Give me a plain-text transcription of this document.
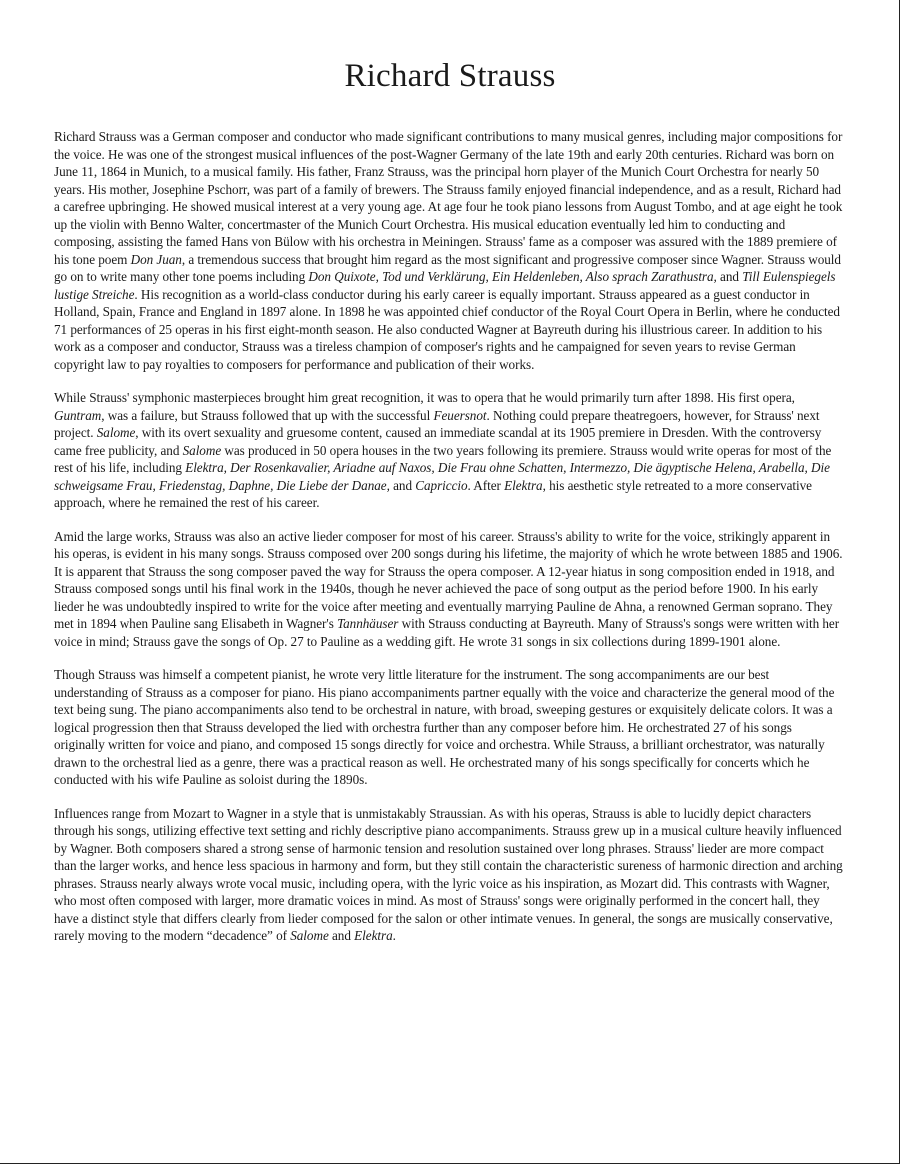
Richard Strauss

Richard Strauss was a German composer and conductor who made significant contributions to many musical genres, including major compositions for the voice. He was one of the strongest musical influences of the post-Wagner Germany of the late 19th and early 20th centuries. Richard was born on June 11, 1864 in Munich, to a musical family. His father, Franz Strauss, was the principal horn player of the Munich Court Orchestra for nearly 50 years. His mother, Josephine Pschorr, was part of a family of brewers. The Strauss family enjoyed financial independence, and as a result, Richard had a carefree upbringing. He showed musical interest at a very young age. At age four he took piano lessons from August Tombo, and at age eight he took up the violin with Benno Walter, concertmaster of the Munich Court Orchestra. His musical education eventually led him to conducting and composing, assisting the famed Hans von Bülow with his orchestra in Meiningen. Strauss' fame as a composer was assured with the 1889 premiere of his tone poem Don Juan, a tremendous success that brought him regard as the most significant and progressive composer since Wagner. Strauss would go on to write many other tone poems including Don Quixote, Tod und Verklärung, Ein Heldenleben, Also sprach Zarathustra, and Till Eulenspiegels lustige Streiche. His recognition as a world-class conductor during his early career is equally important. Strauss appeared as a guest conductor in Holland, Spain, France and England in 1897 alone. In 1898 he was appointed chief conductor of the Royal Court Opera in Berlin, where he conducted 71 performances of 25 operas in his first eight-month season. He also conducted Wagner at Bayreuth during his illustrious career. In addition to his work as a composer and conductor, Strauss was a tireless champion of composer's rights and he campaigned for seven years to revise German copyright law to pay royalties to composers for performance and publication of their works.

While Strauss' symphonic masterpieces brought him great recognition, it was to opera that he would primarily turn after 1898. His first opera, Guntram, was a failure, but Strauss followed that up with the successful Feuersnot. Nothing could prepare theatregoers, however, for Strauss' next project. Salome, with its overt sexuality and gruesome content, caused an immediate scandal at its 1905 premiere in Dresden. With the controversy came free publicity, and Salome was produced in 50 opera houses in the two years following its premiere. Strauss would write operas for most of the rest of his life, including Elektra, Der Rosenkavalier, Ariadne auf Naxos, Die Frau ohne Schatten, Intermezzo, Die ägyptische Helena, Arabella, Die schweigsame Frau, Friedenstag, Daphne, Die Liebe der Danae, and Capriccio. After Elektra, his aesthetic style retreated to a more conservative approach, where he remained the rest of his career.

Amid the large works, Strauss was also an active lieder composer for most of his career. Strauss's ability to write for the voice, strikingly apparent in his operas, is evident in his many songs. Strauss composed over 200 songs during his lifetime, the majority of which he wrote between 1885 and 1906. It is apparent that Strauss the song composer paved the way for Strauss the opera composer. A 12-year hiatus in song composition ended in 1918, and Strauss composed songs until his final work in the 1940s, though he never achieved the pace of song output as the period before 1900. In his early lieder he was undoubtedly inspired to write for the voice after meeting and eventually marrying Pauline de Ahna, a renowned German soprano. They met in 1894 when Pauline sang Elisabeth in Wagner's Tannhäuser with Strauss conducting at Bayreuth. Many of Strauss's songs were written with her voice in mind; Strauss gave the songs of Op. 27 to Pauline as a wedding gift. He wrote 31 songs in six collections during 1899-1901 alone.

Though Strauss was himself a competent pianist, he wrote very little literature for the instrument. The song accompaniments are our best understanding of Strauss as a composer for piano. His piano accompaniments partner equally with the voice and characterize the general mood of the text being sung. The piano accompaniments also tend to be orchestral in nature, with broad, sweeping gestures or exquisitely delicate colors. It was a logical progression then that Strauss developed the lied with orchestra further than any composer before him. He orchestrated 27 of his songs originally written for voice and piano, and composed 15 songs directly for voice and orchestra. While Strauss, a brilliant orchestrator, was naturally drawn to the orchestral lied as a genre, there was a practical reason as well. He orchestrated many of his songs specifically for concerts which he conducted with his wife Pauline as soloist during the 1890s.

Influences range from Mozart to Wagner in a style that is unmistakably Straussian. As with his operas, Strauss is able to lucidly depict characters through his songs, utilizing effective text setting and richly descriptive piano accompaniments. Strauss grew up in a musical culture heavily influenced by Wagner. Both composers shared a strong sense of harmonic tension and resolution sustained over long phrases. Strauss' lieder are more compact than the larger works, and hence less spacious in harmony and form, but they still contain the characteristic sureness of harmonic direction and arching phrases. Strauss nearly always wrote vocal music, including opera, with the lyric voice as his inspiration, as Mozart did. This contrasts with Wagner, who most often composed with larger, more dramatic voices in mind. As most of Strauss' songs were originally performed in the concert hall, they have a distinct style that differs clearly from lieder composed for the salon or other intimate venues. In general, the songs are musically conservative, rarely moving to the modern “decadence” of Salome and Elektra.
